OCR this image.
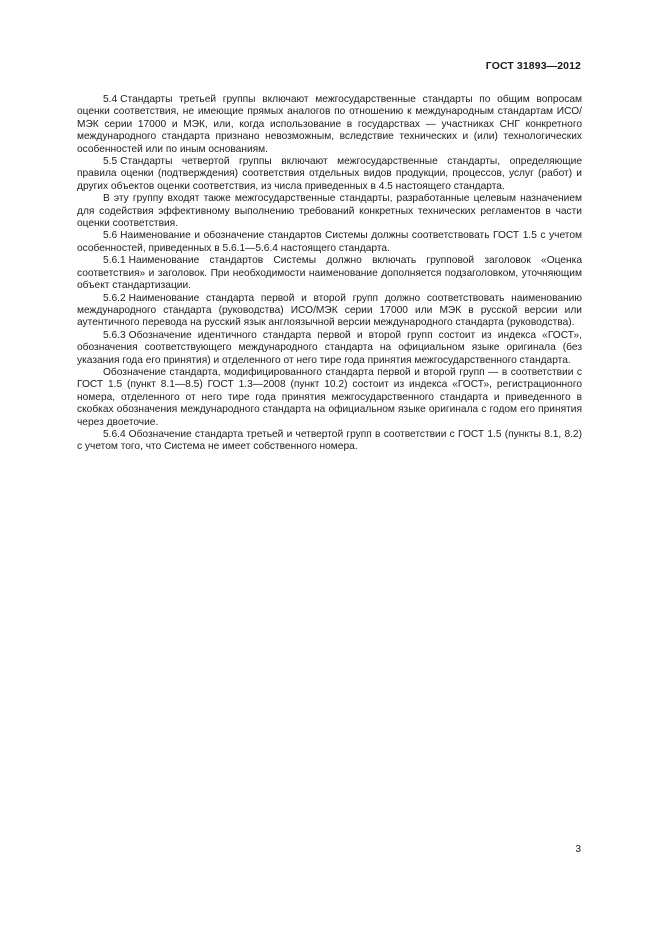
ГОСТ 31893—2012

5.4 Стандарты третьей группы включают межгосударственные стандарты по общим вопросам оценки соответствия, не имеющие прямых аналогов по отношению к международным стандартам ИСО/МЭК серии 17000 и МЭК, или, когда использование в государствах — участниках СНГ конкретного международного стандарта признано невозможным, вследствие технических и (или) технологических особенностей или по иным основаниям.

5.5 Стандарты четвертой группы включают межгосударственные стандарты, определяющие правила оценки (подтверждения) соответствия отдельных видов продукции, процессов, услуг (работ) и других объектов оценки соответствия, из числа приведенных в 4.5 настоящего стандарта.

В эту группу входят также межгосударственные стандарты, разработанные целевым назначением для содействия эффективному выполнению требований конкретных технических регламентов в части оценки соответствия.

5.6 Наименование и обозначение стандартов Системы должны соответствовать ГОСТ 1.5 с учетом особенностей, приведенных в 5.6.1—5.6.4 настоящего стандарта.

5.6.1 Наименование стандартов Системы должно включать групповой заголовок «Оценка соответствия» и заголовок. При необходимости наименование дополняется подзаголовком, уточняющим объект стандартизации.

5.6.2 Наименование стандарта первой и второй групп должно соответствовать наименованию международного стандарта (руководства) ИСО/МЭК серии 17000 или МЭК в русской версии или аутентичного перевода на русский язык англоязычной версии международного стандарта (руководства).

5.6.3 Обозначение идентичного стандарта первой и второй групп состоит из индекса «ГОСТ», обозначения соответствующего международного стандарта на официальном языке оригинала (без указания года его принятия) и отделенного от него тире года принятия межгосударственного стандарта.

Обозначение стандарта, модифицированного стандарта первой и второй групп — в соответствии с ГОСТ 1.5 (пункт 8.1—8.5) ГОСТ 1.3—2008 (пункт 10.2) состоит из индекса «ГОСТ», регистрационного номера, отделенного от него тире года принятия межгосударственного стандарта и приведенного в скобках обозначения международного стандарта на официальном языке оригинала с годом его принятия через двоеточие.

5.6.4 Обозначение стандарта третьей и четвертой групп в соответствии с ГОСТ 1.5 (пункты 8.1, 8.2) с учетом того, что Система не имеет собственного номера.

3
